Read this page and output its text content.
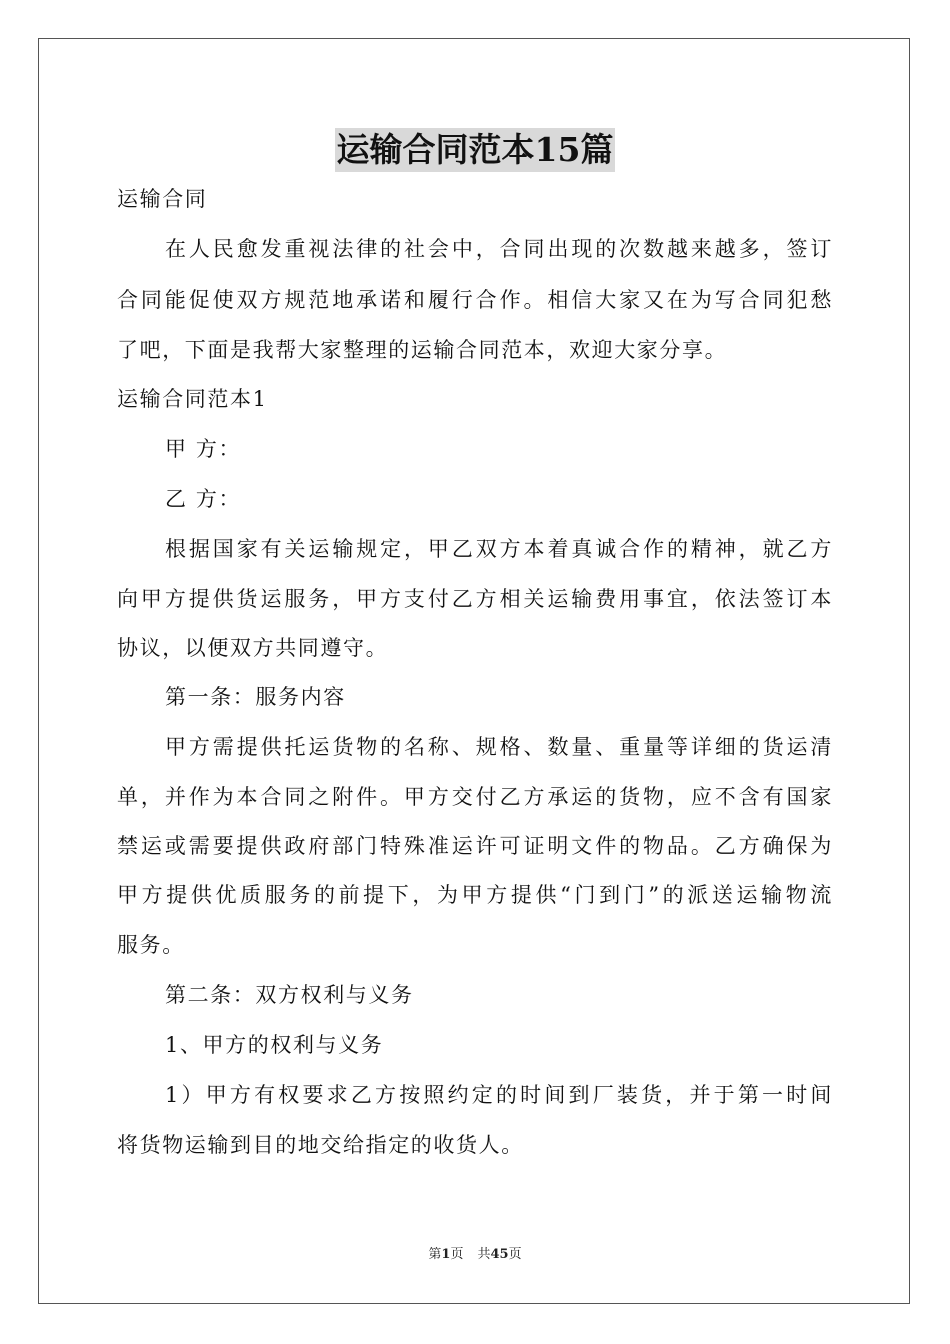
运输合同范本15篇
运输合同
在人民愈发重视法律的社会中，合同出现的次数越来越多，签订
合同能促使双方规范地承诺和履行合作。相信大家又在为写合同犯愁
了吧，下面是我帮大家整理的运输合同范本，欢迎大家分享。
运输合同范本1
甲 方：
乙 方：
根据国家有关运输规定，甲乙双方本着真诚合作的精神，就乙方
向甲方提供货运服务，甲方支付乙方相关运输费用事宜，依法签订本
协议，以便双方共同遵守。
第一条：服务内容
甲方需提供托运货物的名称、规格、数量、重量等详细的货运清
单，并作为本合同之附件。甲方交付乙方承运的货物，应不含有国家
禁运或需要提供政府部门特殊准运许可证明文件的物品。乙方确保为
甲方提供优质服务的前提下，为甲方提供“门到门”的派送运输物流
服务。
第二条：双方权利与义务
1、甲方的权利与义务
1）甲方有权要求乙方按照约定的时间到厂装货，并于第一时间
将货物运输到目的地交给指定的收货人。
第1页 共45页
